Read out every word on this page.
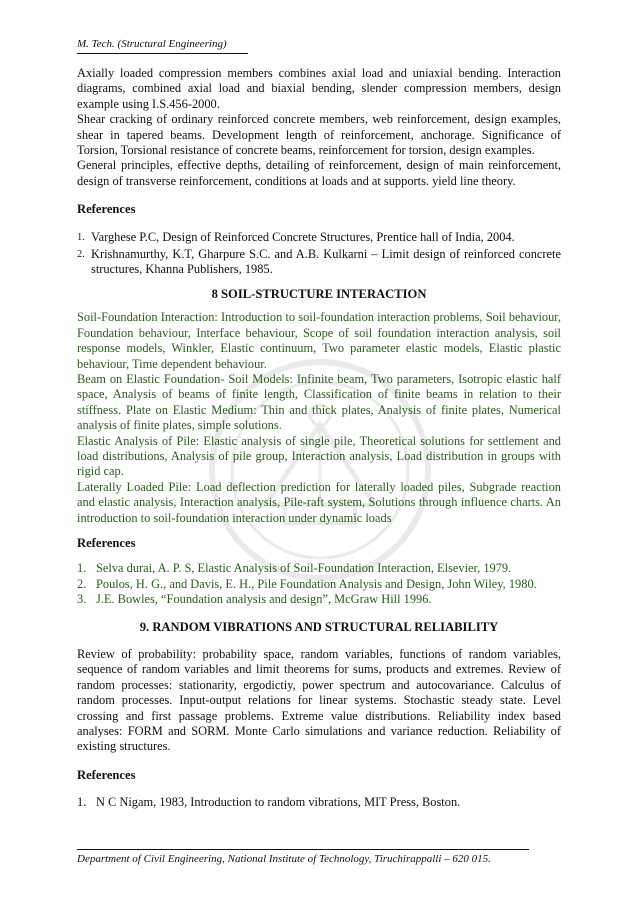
M. Tech. (Structural Engineering)

Axially loaded compression members combines axial load and uniaxial bending. Interaction diagrams, combined axial load and biaxial bending, slender compression members, design example using I.S.456-2000.

Shear cracking of ordinary reinforced concrete members, web reinforcement, design examples, shear in tapered beams. Development length of reinforcement, anchorage. Significance of Torsion, Torsional resistance of concrete beams, reinforcement for torsion, design examples.

General principles, effective depths, detailing of reinforcement, design of main reinforcement, design of transverse reinforcement, conditions at loads and at supports. yield line theory.

References
1. Varghese P.C, Design of Reinforced Concrete Structures, Prentice hall of India, 2004.
2. Krishnamurthy, K.T, Gharpure S.C. and A.B. Kulkarni – Limit design of reinforced concrete structures, Khanna Publishers, 1985.
8 SOIL-STRUCTURE INTERACTION

Soil-Foundation Interaction: Introduction to soil-foundation interaction problems, Soil behaviour, Foundation behaviour, Interface behaviour, Scope of soil foundation interaction analysis, soil response models, Winkler, Elastic continuum, Two parameter elastic models, Elastic plastic behaviour, Time dependent behaviour.

Beam on Elastic Foundation- Soil Models: Infinite beam, Two parameters, Isotropic elastic half space, Analysis of beams of finite length, Classification of finite beams in relation to their stiffness. Plate on Elastic Medium: Thin and thick plates, Analysis of finite plates, Numerical analysis of finite plates, simple solutions.

Elastic Analysis of Pile: Elastic analysis of single pile, Theoretical solutions for settlement and load distributions, Analysis of pile group, Interaction analysis, Load distribution in groups with rigid cap.

Laterally Loaded Pile: Load deflection prediction for laterally loaded piles, Subgrade reaction and elastic analysis, Interaction analysis, Pile-raft system, Solutions through influence charts. An introduction to soil-foundation interaction under dynamic loads

References
1. Selva durai, A. P. S, Elastic Analysis of Soil-Foundation Interaction, Elsevier, 1979.
2. Poulos, H. G., and Davis, E. H., Pile Foundation Analysis and Design, John Wiley, 1980.
3. J.E. Bowles, “Foundation analysis and design”, McGraw Hill 1996.
9. RANDOM VIBRATIONS AND STRUCTURAL RELIABILITY

Review of probability: probability space, random variables, functions of random variables, sequence of random variables and limit theorems for sums, products and extremes. Review of random processes: stationarity, ergodictiy, power spectrum and autocovariance. Calculus of random processes. Input-output relations for linear systems. Stochastic steady state. Level crossing and first passage problems. Extreme value distributions. Reliability index based analyses: FORM and SORM. Monte Carlo simulations and variance reduction. Reliability of existing structures.

References
1. N C Nigam, 1983, Introduction to random vibrations, MIT Press, Boston.
Department of Civil Engineering, National Institute of Technology, Tiruchirappalli – 620 015.
